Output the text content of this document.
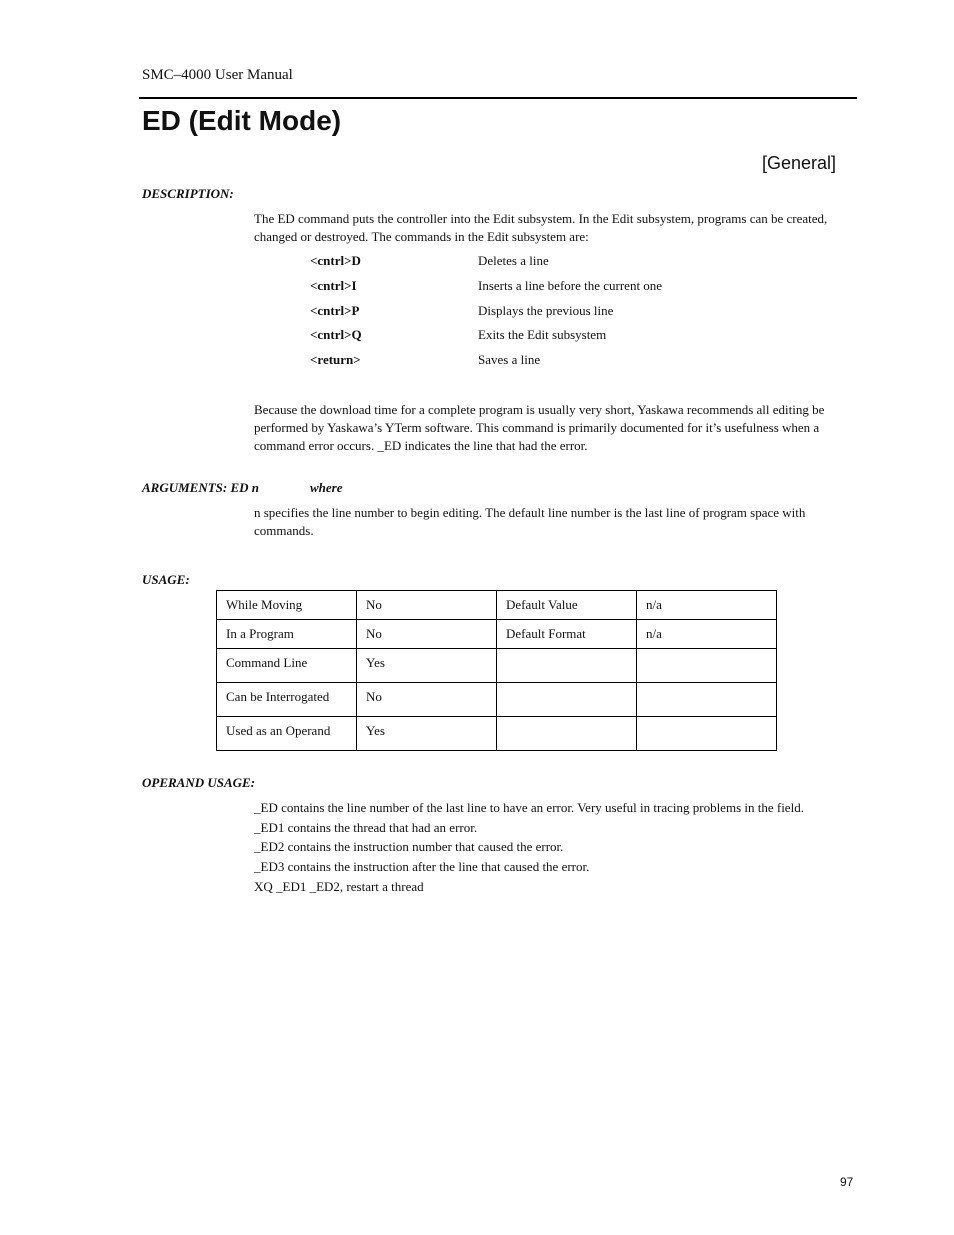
SMC–4000 User Manual
ED (Edit Mode)
[General]
DESCRIPTION:
The ED command puts the controller into the Edit subsystem. In the Edit subsystem, programs can be created, changed or destroyed. The commands in the Edit subsystem are:
<cntrl>D	Deletes a line
<cntrl>I	Inserts a line before the current one
<cntrl>P	Displays the previous line
<cntrl>Q	Exits the Edit subsystem
<return>	Saves a line
Because the download time for a complete program is usually very short, Yaskawa recommends all editing be performed by Yaskawa’s YTerm software. This command is primarily documented for it’s usefulness when a command error occurs. _ED indicates the line that had the error.
ARGUMENTS: ED n	where
n specifies the line number to begin editing. The default line number is the last line of program space with commands.
USAGE:
While Moving	No	Default Value	n/a
In a Program	No	Default Format	n/a
Command Line	Yes		
Can be Interrogated	No		
Used as an Operand	Yes		
OPERAND USAGE:
_ED contains the line number of the last line to have an error. Very useful in tracing problems in the field.
_ED1 contains the thread that had an error.
_ED2 contains the instruction number that caused the error.
_ED3 contains the instruction after the line that caused the error.
XQ _ED1 _ED2, restart a thread
97
